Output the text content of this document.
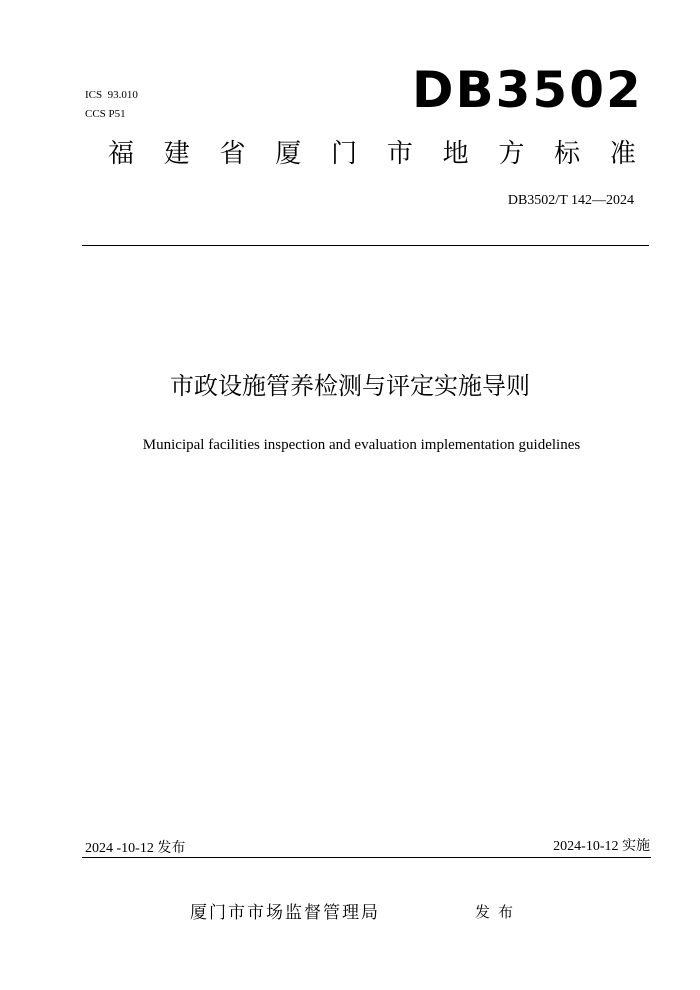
ICS  93.010
CCS P51	DB3502
福 建 省 厦 门 市 地 方 标 准
DB3502/T 142—2024
市政设施管养检测与评定实施导则
Municipal facilities inspection and evaluation implementation guidelines
2024 -10-12 发布	2024-10-12 实施
厦门市市场监督管理局	发布
